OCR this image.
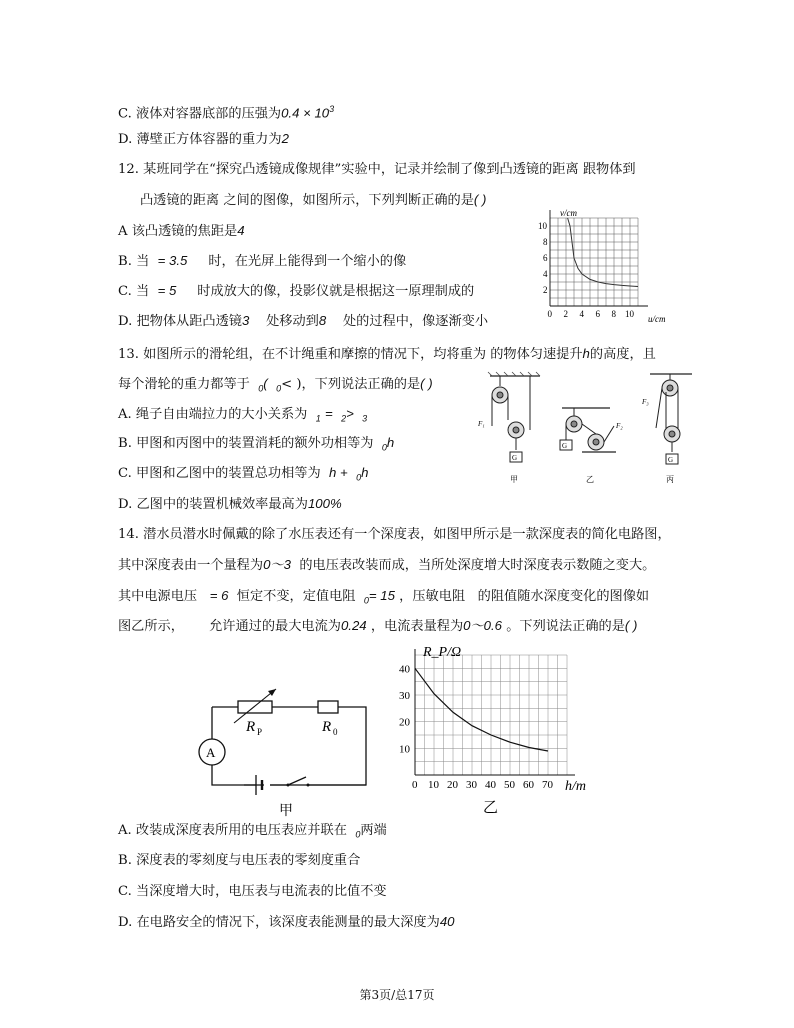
C. 液体对容器底部的压强为$0.4 \times 10^3$
D. 薄壁正方体容器的重力为2
12. 某班同学在“探究凸透镜成像规律”实验中，记录并绘制了像到凸透镜的距离 跟物体到
凸透镜的距离 之间的图像，如图所示，下列判断正确的是( )
A 该凸透镜的焦距是4
B. 当 = 3.5 时，在光屏上能得到一个缩小的像
C. 当 = 5 时成放大的像，投影仪就是根据这一原理制成的
D. 把物体从距凸透镜3 处移动到8 处的过程中，像逐渐变小	0 2 4 6 8 10
2
4
6
8
10
v/cm
u/cm
13. 如图所示的滑轮组，在不计绳重和摩擦的情况下，均将重为 的物体匀速提升h的高度，且
每个滑轮的重力都等于 $_0$( $_0$< )，下列说法正确的是( )
A. 绳子自由端拉力的大小关系为 $_1$ = $_2$> $_3$
B. 甲图和丙图中的装置消耗的额外功相等为 $_0$h
C. 甲图和乙图中的装置总功相等为 h + $_0$h
D. 乙图中的装置机械效率最高为100%
G
F₁
甲
G
F₂
乙
G
F₃
丙
14. 潜水员潜水时佩戴的除了水压表还有一个深度表，如图甲所示是一款深度表的简化电路图，
其中深度表由一个量程为0～3 的电压表改装而成，当所处深度增大时深度表示数随之变大。
其中电源电压 = 6 恒定不变，定值电阻 $_0$= 15 ，压敏电阻 的阻值随水深度变化的图像如
图乙所示， 允许通过的最大电流为0.24 ，电流表量程为0～0.6 。下列说法正确的是( )
R P	R 0
A
甲
0 10 20 30 40 50 60 70
10
20
30
40
R_P/Ω
h/m
乙
A. 改装成深度表所用的电压表应并联在 $_0$两端
B. 深度表的零刻度与电压表的零刻度重合
C. 当深度增大时，电压表与电流表的比值不变
D. 在电路安全的情况下，该深度表能测量的最大深度为40
第3页/总17页
